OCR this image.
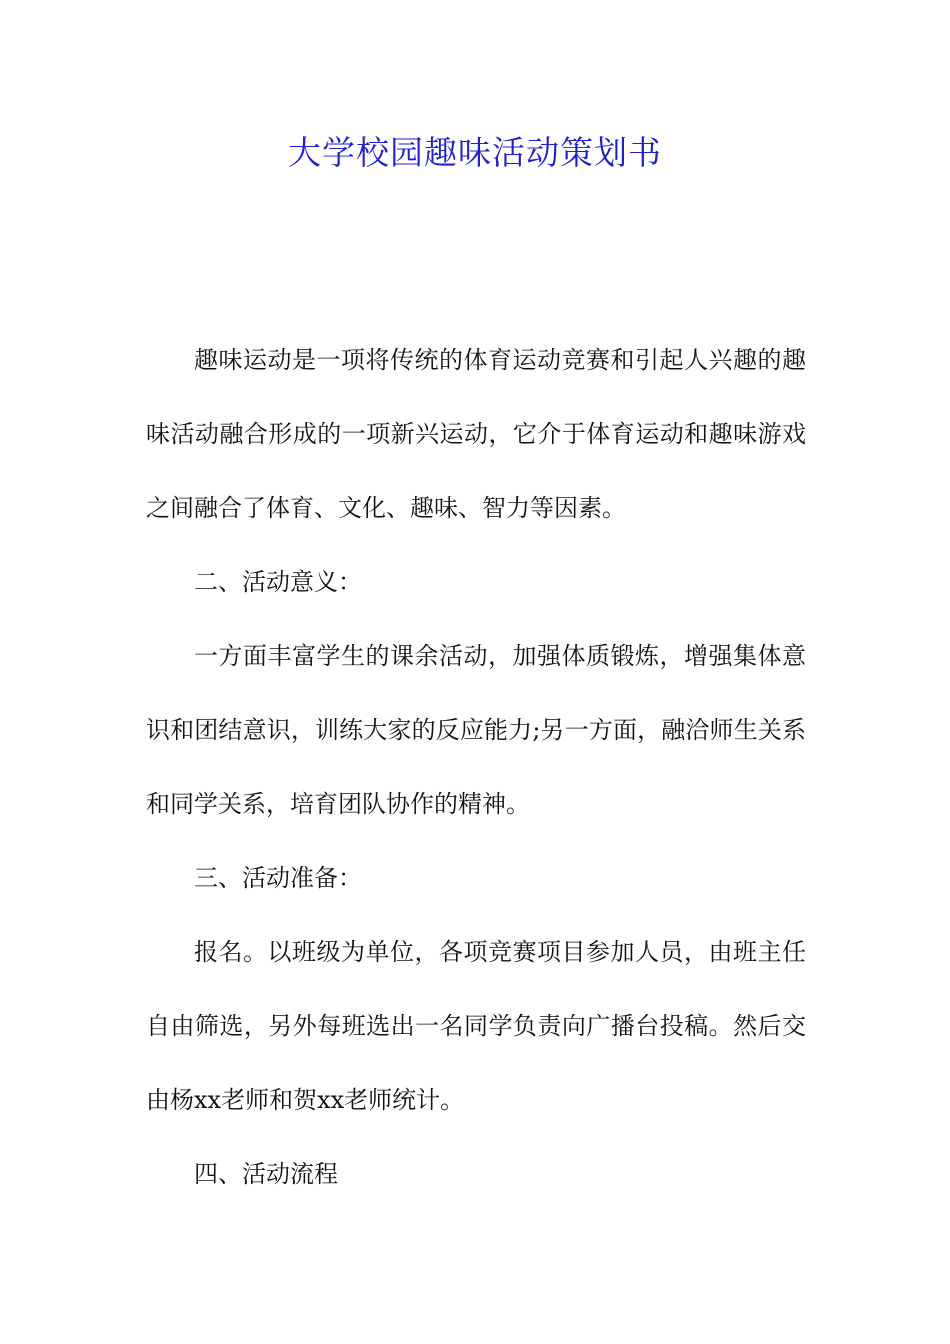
大学校园趣味活动策划书

趣味运动是一项将传统的体育运动竞赛和引起人兴趣的趣味活动融合形成的一项新兴运动，它介于体育运动和趣味游戏之间融合了体育、文化、趣味、智力等因素。

二、活动意义：

一方面丰富学生的课余活动，加强体质锻炼，增强集体意识和团结意识，训练大家的反应能力;另一方面，融洽师生关系和同学关系，培育团队协作的精神。

三、活动准备：

报名。以班级为单位，各项竞赛项目参加人员，由班主任自由筛选，另外每班选出一名同学负责向广播台投稿。然后交由杨xx老师和贺xx老师统计。

四、活动流程
